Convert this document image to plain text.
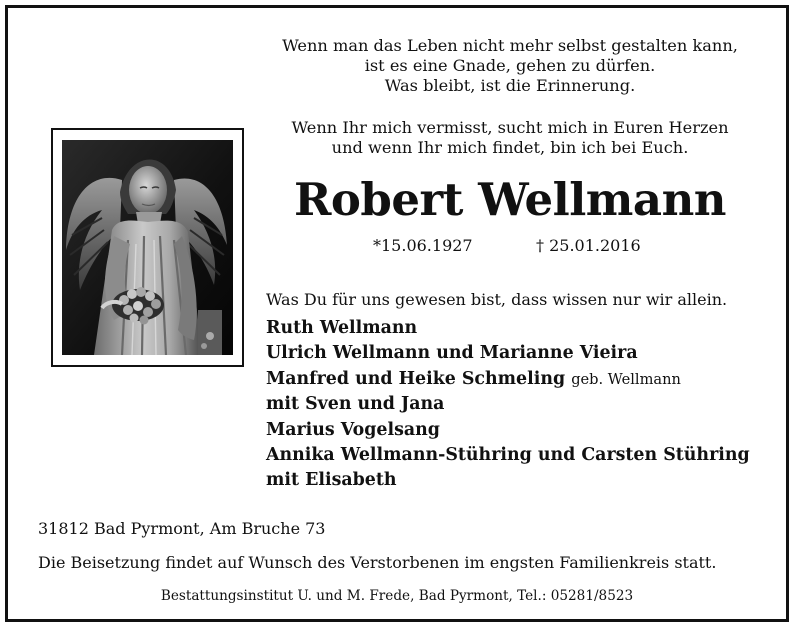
Wenn man das Leben nicht mehr selbst gestalten kann,
ist es eine Gnade, gehen zu dürfen.
Was bleibt, ist die Erinnerung.
Wenn Ihr mich vermisst, sucht mich in Euren Herzen
und wenn Ihr mich findet, bin ich bei Euch.
Robert Wellmann
*15.06.1927	† 25.01.2016
Was Du für uns gewesen bist, dass wissen nur wir allein.
Ruth Wellmann
Ulrich Wellmann und Marianne Vieira
Manfred und Heike Schmeling geb. Wellmann
mit Sven und Jana
Marius Vogelsang
Annika Wellmann-Stühring und Carsten Stühring
mit Elisabeth
31812 Bad Pyrmont, Am Bruche 73
Die Beisetzung findet auf Wunsch des Verstorbenen im engsten Familienkreis statt.
Bestattungsinstitut U. und M. Frede, Bad Pyrmont, Tel.: 05281/8523
